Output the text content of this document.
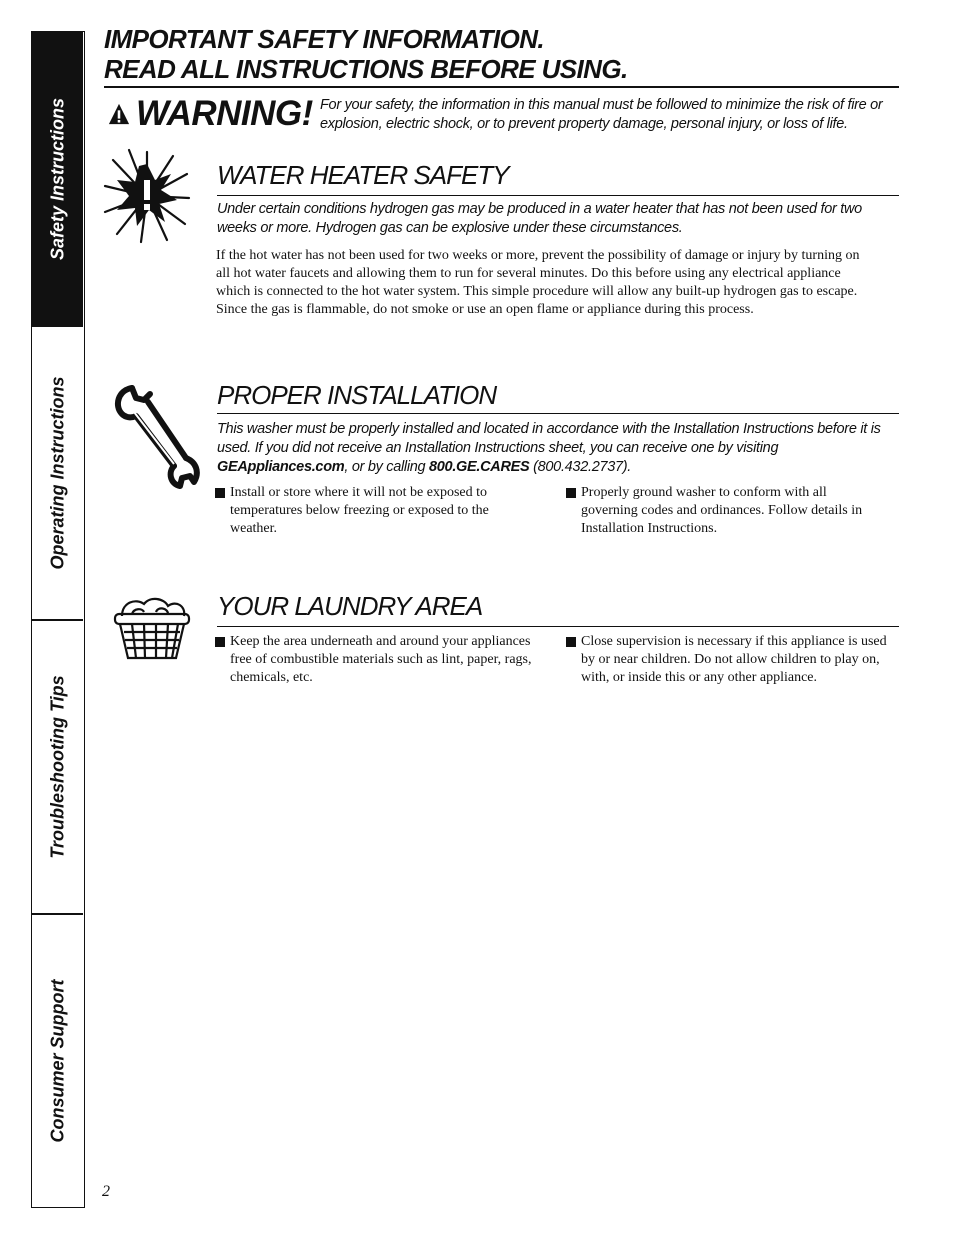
Safety Instructions
Operating Instructions
Troubleshooting Tips
Consumer Support
IMPORTANT SAFETY INFORMATION.
READ ALL INSTRUCTIONS BEFORE USING.
WARNING! For your safety, the information in this manual must be followed to minimize the risk of fire or explosion, electric shock, or to prevent property damage, personal injury, or loss of life.

WATER HEATER SAFETY

Under certain conditions hydrogen gas may be produced in a water heater that has not been used for two weeks or more. Hydrogen gas can be explosive under these circumstances.

If the hot water has not been used for two weeks or more, prevent the possibility of damage or injury by turning on all hot water faucets and allowing them to run for several minutes. Do this before using any electrical appliance which is connected to the hot water system. This simple procedure will allow any built-up hydrogen gas to escape. Since the gas is flammable, do not smoke or use an open flame or appliance during this process.

PROPER INSTALLATION

This washer must be properly installed and located in accordance with the Installation Instructions before it is used. If you did not receive an Installation Instructions sheet, you can receive one by visiting GEAppliances.com, or by calling 800.GE.CARES (800.432.2737).

Install or store where it will not be exposed to temperatures below freezing or exposed to the weather.

Properly ground washer to conform with all governing codes and ordinances. Follow details in Installation Instructions.

YOUR LAUNDRY AREA

Keep the area underneath and around your appliances free of combustible materials such as lint, paper, rags, chemicals, etc.

Close supervision is necessary if this appliance is used by or near children. Do not allow children to play on, with, or inside this or any other appliance.

2
